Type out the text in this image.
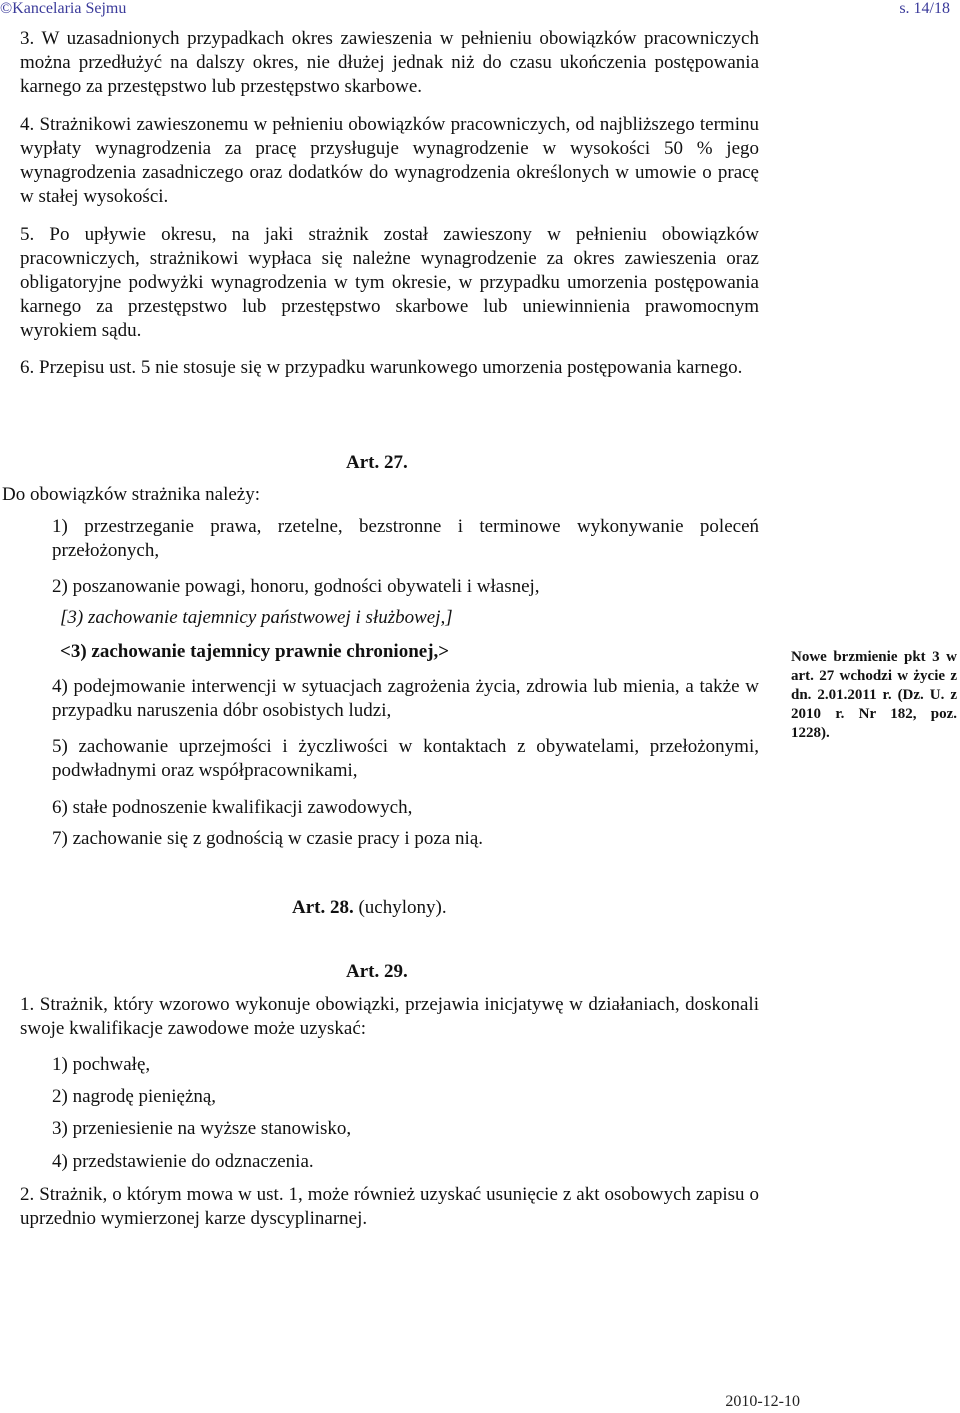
©Kancelaria Sejmu	s. 14/18
3. W uzasadnionych przypadkach okres zawieszenia w pełnieniu obowiązków pracowniczych można przedłużyć na dalszy okres, nie dłużej jednak niż do czasu ukończenia postępowania karnego za przestępstwo lub przestępstwo skarbowe.
4. Strażnikowi zawieszonemu w pełnieniu obowiązków pracowniczych, od najbliższego terminu wypłaty wynagrodzenia za pracę przysługuje wynagrodzenie w wysokości 50 % jego wynagrodzenia zasadniczego oraz dodatków do wynagrodzenia określonych w umowie o pracę w stałej wysokości.
5. Po upływie okresu, na jaki strażnik został zawieszony w pełnieniu obowiązków pracowniczych, strażnikowi wypłaca się należne wynagrodzenie za okres zawieszenia oraz obligatoryjne podwyżki wynagrodzenia w tym okresie, w przypadku umorzenia postępowania karnego za przestępstwo lub przestępstwo skarbowe lub uniewinnienia prawomocnym wyrokiem sądu.
6. Przepisu ust. 5 nie stosuje się w przypadku warunkowego umorzenia postępowania karnego.
Art. 27.
Do obowiązków strażnika należy:
1) przestrzeganie prawa, rzetelne, bezstronne i terminowe wykonywanie poleceń przełożonych,
2) poszanowanie powagi, honoru, godności obywateli i własnej,
[3) zachowanie tajemnicy państwowej i służbowej,]
<3) zachowanie tajemnicy prawnie chronionej,>
4) podejmowanie interwencji w sytuacjach zagrożenia życia, zdrowia lub mienia, a także w przypadku naruszenia dóbr osobistych ludzi,
5) zachowanie uprzejmości i życzliwości w kontaktach z obywatelami, przełożonymi, podwładnymi oraz współpracownikami,
6) stałe podnoszenie kwalifikacji zawodowych,
7) zachowanie się z godnością w czasie pracy i poza nią.
Nowe brzmienie pkt 3 w art. 27 wchodzi w życie z dn. 2.01.2011 r. (Dz. U. z 2010 r. Nr 182, poz. 1228).
Art. 28. (uchylony).
Art. 29.
1. Strażnik, który wzorowo wykonuje obowiązki, przejawia inicjatywę w działaniach, doskonali swoje kwalifikacje zawodowe może uzyskać:
1) pochwałę,
2) nagrodę pieniężną,
3) przeniesienie na wyższe stanowisko,
4) przedstawienie do odznaczenia.
2. Strażnik, o którym mowa w ust. 1, może również uzyskać usunięcie z akt osobowych zapisu o uprzednio wymierzonej karze dyscyplinarnej.
2010-12-10
